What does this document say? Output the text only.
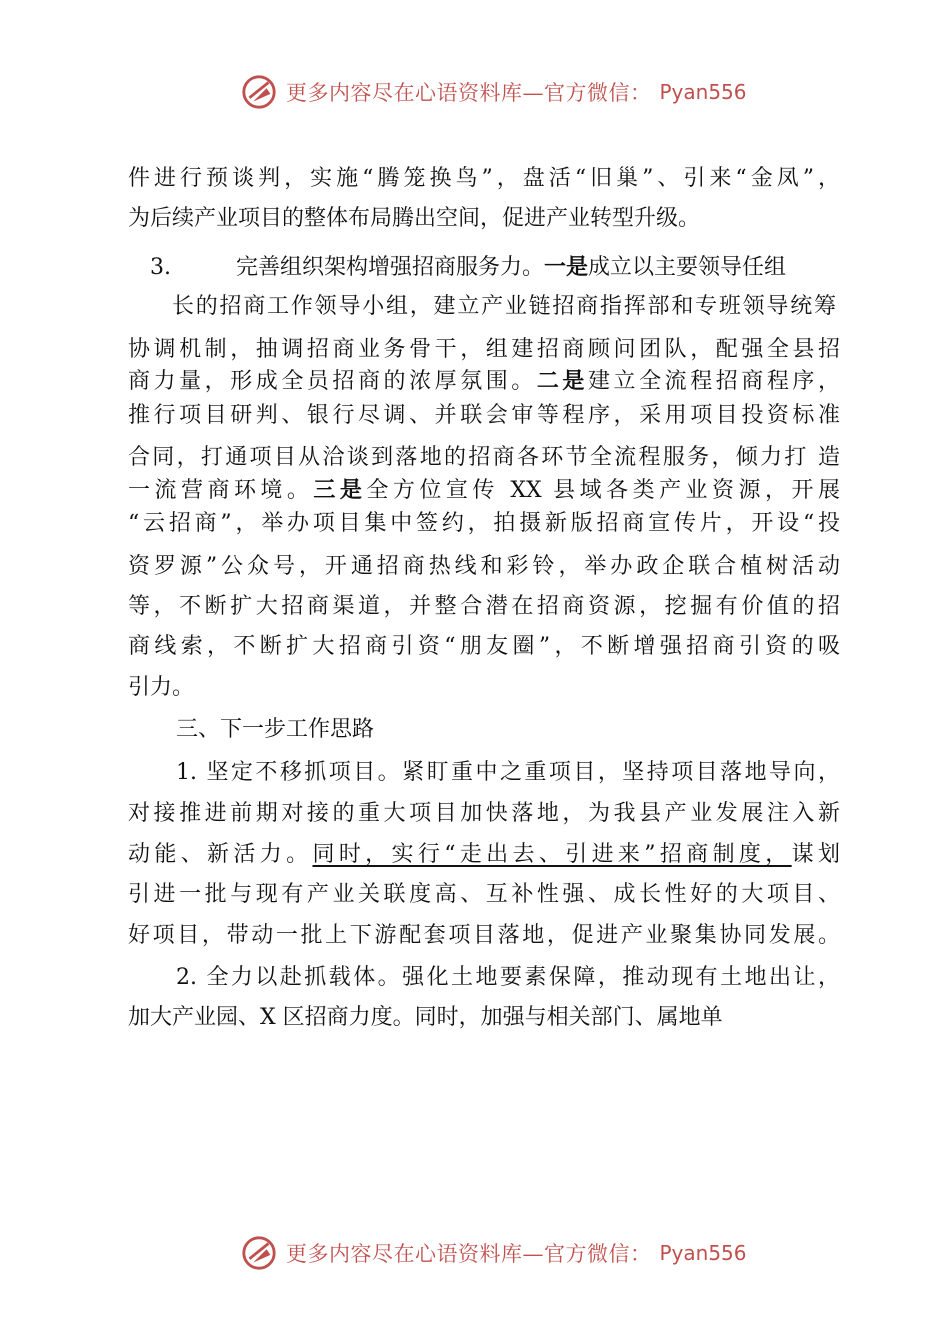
更多内容尽在心语资料库—官方微信： Pyan556
件进行预谈判，实施“腾笼换鸟”，盘活“旧巢”、引来“金凤”，
为后续产业项目的整体布局腾出空间，促进产业转型升级。
3.	完善组织架构增强招商服务力。一是成立以主要领导任组
长的招商工作领导小组，建立产业链招商指挥部和专班领导统筹
协调机制，抽调招商业务骨干，组建招商顾问团队，配强全县招
商力量，形成全员招商的浓厚氛围。二是建立全流程招商程序，
推行项目研判、银行尽调、并联会审等程序，采用项目投资标准
合同，打通项目从洽谈到落地的招商各环节全流程服务，倾力打 造
一流营商环境。三是全方位宣传 XX 县域各类产业资源，开展
“云招商”，举办项目集中签约，拍摄新版招商宣传片，开设“投
资罗源”公众号，开通招商热线和彩铃，举办政企联合植树活动
等，不断扩大招商渠道，并整合潜在招商资源，挖掘有价值的招
商线索，不断扩大招商引资“朋友圈”，不断增强招商引资的吸
引力。
三、下一步工作思路
1. 坚定不移抓项目。紧盯重中之重项目，坚持项目落地导向，
对接推进前期对接的重大项目加快落地，为我县产业发展注入新
动能、新活力。同时，实行“走出去、引进来”招商制度，谋划
引进一批与现有产业关联度高、互补性强、成长性好的大项目、
好项目，带动一批上下游配套项目落地，促进产业聚集协同发展。
2. 全力以赴抓载体。强化土地要素保障，推动现有土地出让，
加大产业园、X 区招商力度。同时，加强与相关部门、属地单
更多内容尽在心语资料库—官方微信： Pyan556
